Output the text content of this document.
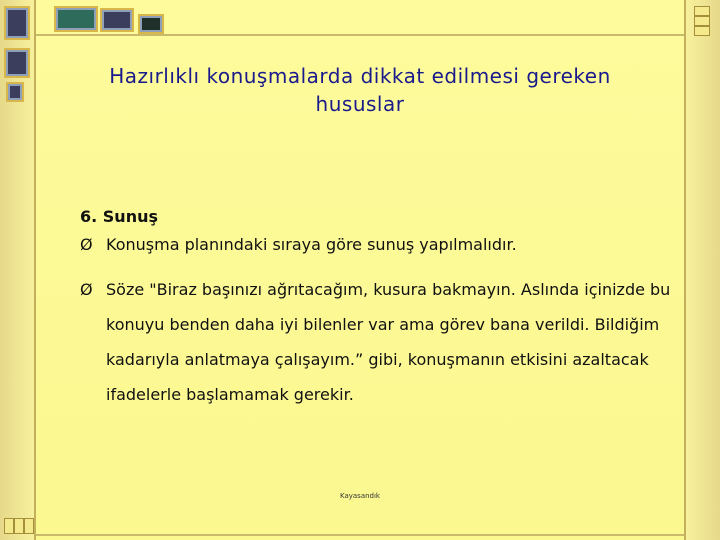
Hazırlıklı konuşmalarda dikkat edilmesi gereken hususlar
6. Sunuş
Ø Konuşma planındaki sıraya göre sunuş yapılmalıdır.
Ø Söze "Biraz başınızı ağrıtacağım, kusura bakmayın. Aslında içinizde bu konuyu benden daha iyi bilenler var ama görev bana verildi. Bildiğim kadarıyla anlatmaya çalışayım.” gibi, konuşmanın etkisini azaltacak ifadelerle başlamamak gerekir.
Kayasandık
